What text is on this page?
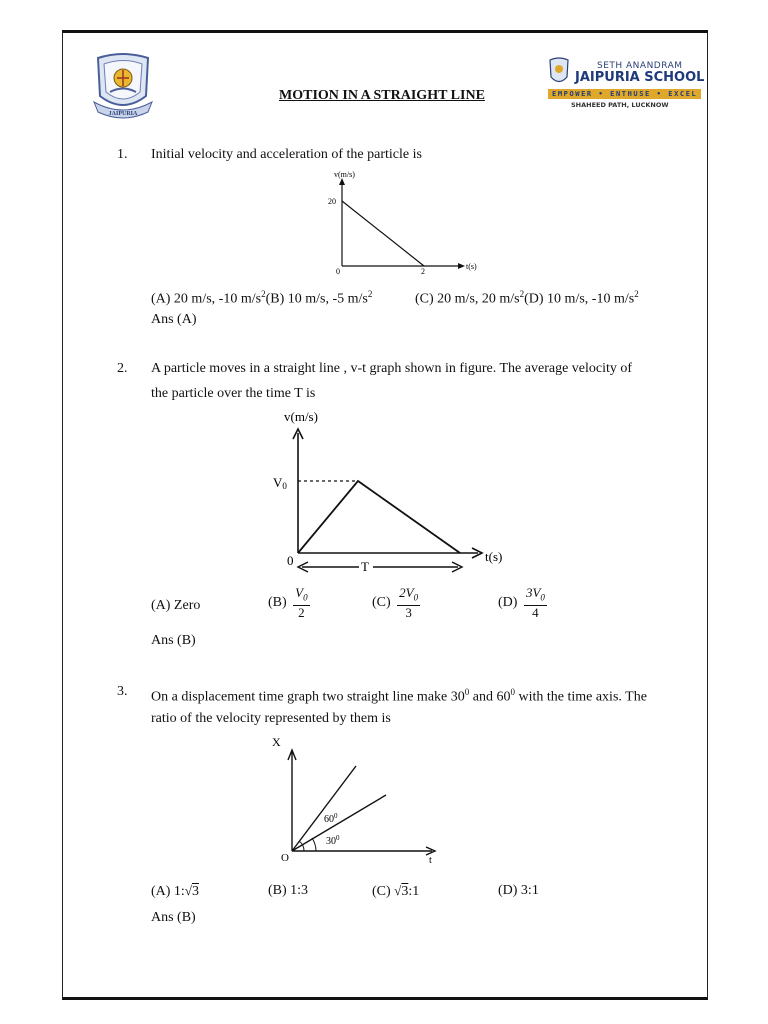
JAIPURIA
MOTION IN A STRAIGHT LINE
SETH ANANDRAM
JAIPURIA SCHOOL
EMPOWER • ENTHUSE • EXCEL
SHAHEED PATH, LUCKNOW
1. Initial velocity and acceleration of the particle is
v(m/s)
t(s)
20
2
0
(A) 20 m/s, -10 $m/s^2(B)$ 10 m/s, -5 $m/s^2$	(C) 20 m/s, 20 $m/s^2(D)$ 10 m/s, -10 $m/s^2$
Ans (A)
2. A particle moves in a straight line , v-t graph shown in figure. The average velocity of
the particle over the time T is
T
v(m/s)
t(s)
V0
0
(A) Zero	$(B) \frac{V_0}{2}$	$(C) \frac{2V_0}{3}$	$(D) \frac{3V_0}{4}$
Ans (B)
3. On a displacement time graph two straight line make $30^0$ and $60^0$ with the time axis. The
ratio of the velocity represented by them is
X
t
O
$60^0$
$30^0$
(A) 1:√3	(B) 1:3	(C) √3:1	(D) 3:1
Ans (B)
